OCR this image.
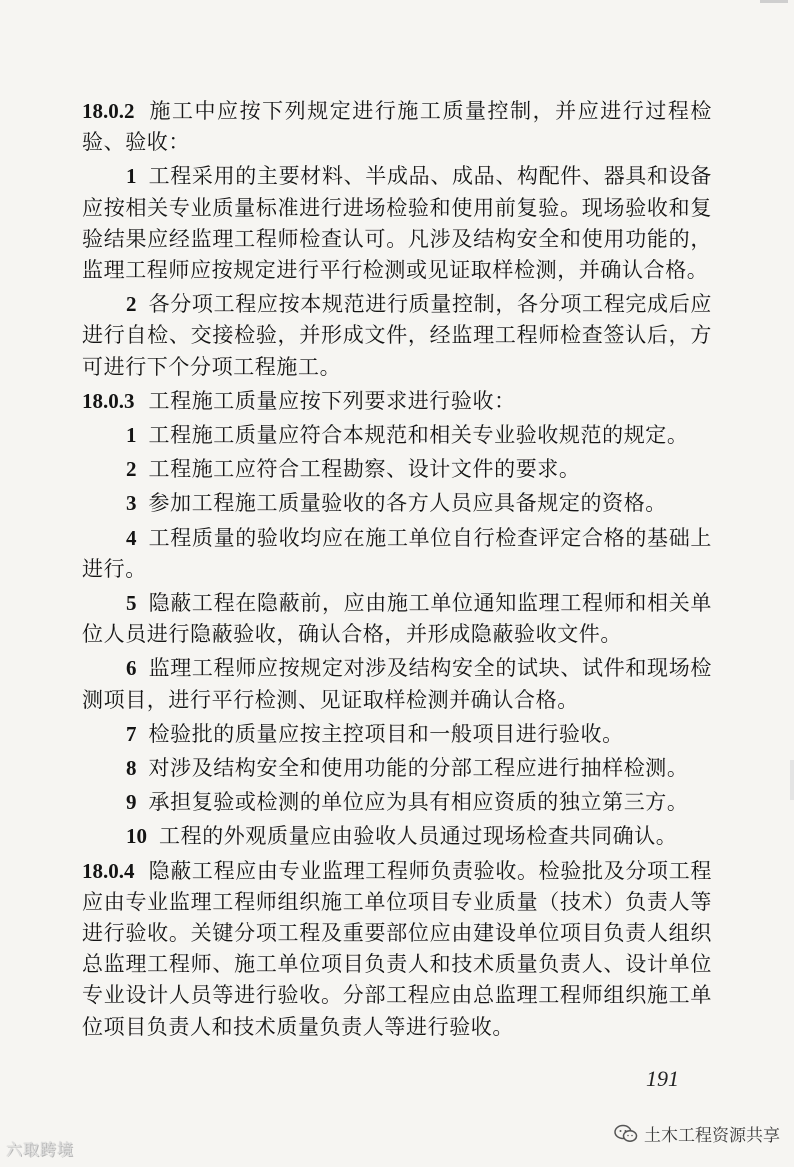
18.0.2 施工中应按下列规定进行施工质量控制，并应进行过程检验、验收：

1 工程采用的主要材料、半成品、成品、构配件、器具和设备应按相关专业质量标准进行进场检验和使用前复验。现场验收和复验结果应经监理工程师检查认可。凡涉及结构安全和使用功能的，监理工程师应按规定进行平行检测或见证取样检测，并确认合格。

2 各分项工程应按本规范进行质量控制，各分项工程完成后应进行自检、交接检验，并形成文件，经监理工程师检查签认后，方可进行下个分项工程施工。

18.0.3 工程施工质量应按下列要求进行验收：

1 工程施工质量应符合本规范和相关专业验收规范的规定。

2 工程施工应符合工程勘察、设计文件的要求。

3 参加工程施工质量验收的各方人员应具备规定的资格。

4 工程质量的验收均应在施工单位自行检查评定合格的基础上进行。

5 隐蔽工程在隐蔽前，应由施工单位通知监理工程师和相关单位人员进行隐蔽验收，确认合格，并形成隐蔽验收文件。

6 监理工程师应按规定对涉及结构安全的试块、试件和现场检测项目，进行平行检测、见证取样检测并确认合格。

7 检验批的质量应按主控项目和一般项目进行验收。

8 对涉及结构安全和使用功能的分部工程应进行抽样检测。

9 承担复验或检测的单位应为具有相应资质的独立第三方。

10 工程的外观质量应由验收人员通过现场检查共同确认。

18.0.4 隐蔽工程应由专业监理工程师负责验收。检验批及分项工程应由专业监理工程师组织施工单位项目专业质量（技术）负责人等进行验收。关键分项工程及重要部位应由建设单位项目负责人组织总监理工程师、施工单位项目负责人和技术质量负责人、设计单位专业设计人员等进行验收。分部工程应由总监理工程师组织施工单位项目负责人和技术质量负责人等进行验收。

191
六取跨境
土木工程资源共享
